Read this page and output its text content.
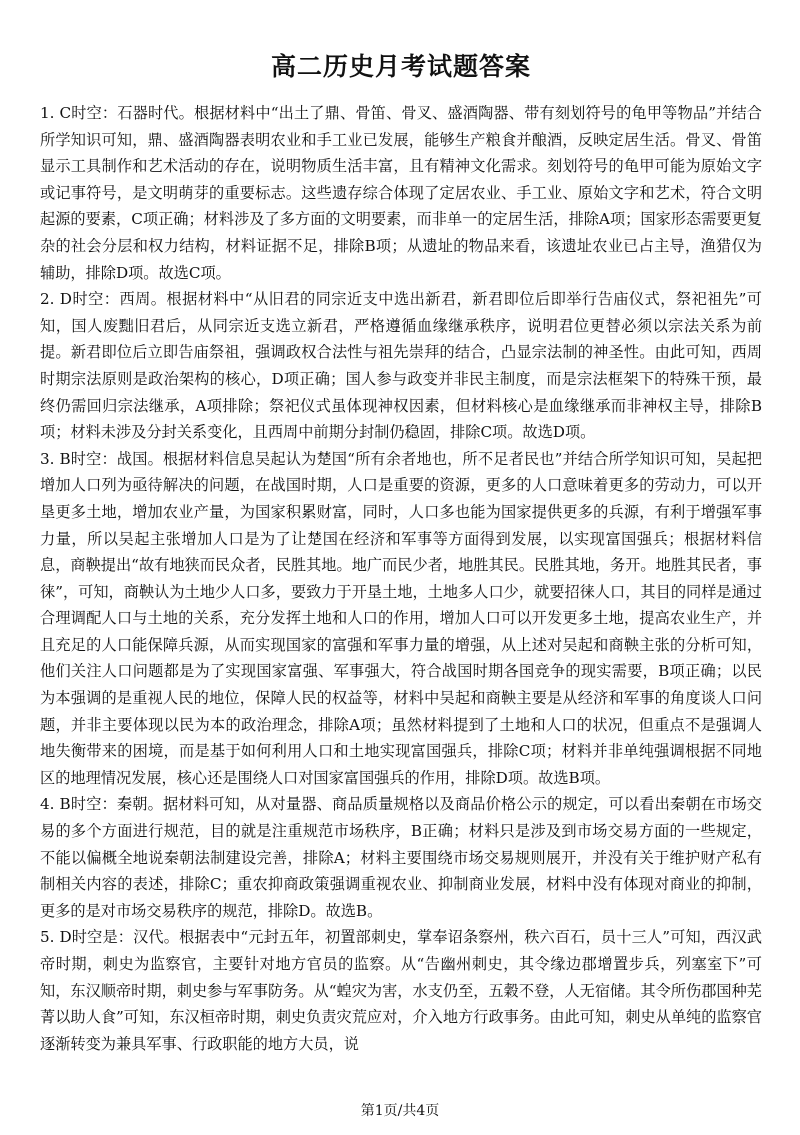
高二历史月考试题答案

1. C时空：石器时代。根据材料中“出土了鼎、骨笛、骨叉、盛酒陶器、带有刻划符号的龟甲等物品”并结合所学知识可知，鼎、盛酒陶器表明农业和手工业已发展，能够生产粮食并酿酒，反映定居生活。骨叉、骨笛显示工具制作和艺术活动的存在，说明物质生活丰富，且有精神文化需求。刻划符号的龟甲可能为原始文字或记事符号，是文明萌芽的重要标志。这些遗存综合体现了定居农业、手工业、原始文字和艺术，符合文明起源的要素，C项正确；材料涉及了多方面的文明要素，而非单一的定居生活，排除A项；国家形态需要更复杂的社会分层和权力结构，材料证据不足，排除B项；从遗址的物品来看，该遗址农业已占主导，渔猎仅为辅助，排除D项。故选C项。

2. D时空：西周。根据材料中“从旧君的同宗近支中选出新君，新君即位后即举行告庙仪式，祭祀祖先”可知，国人废黜旧君后，从同宗近支选立新君，严格遵循血缘继承秩序，说明君位更替必须以宗法关系为前提。新君即位后立即告庙祭祖，强调政权合法性与祖先崇拜的结合，凸显宗法制的神圣性。由此可知，西周时期宗法原则是政治架构的核心，D项正确；国人参与政变并非民主制度，而是宗法框架下的特殊干预，最终仍需回归宗法继承，A项排除；祭祀仪式虽体现神权因素，但材料核心是血缘继承而非神权主导，排除B项；材料未涉及分封关系变化，且西周中前期分封制仍稳固，排除C项。故选D项。

3. B时空：战国。根据材料信息吴起认为楚国“所有余者地也，所不足者民也”并结合所学知识可知，吴起把增加人口列为亟待解决的问题，在战国时期，人口是重要的资源，更多的人口意味着更多的劳动力，可以开垦更多土地，增加农业产量，为国家积累财富，同时，人口多也能为国家提供更多的兵源，有利于增强军事力量，所以吴起主张增加人口是为了让楚国在经济和军事等方面得到发展，以实现富国强兵；根据材料信息，商鞅提出“故有地狭而民众者，民胜其地。地广而民少者，地胜其民。民胜其地，务开。地胜其民者，事徕”，可知，商鞅认为土地少人口多，要致力于开垦土地，土地多人口少，就要招徕人口，其目的同样是通过合理调配人口与土地的关系，充分发挥土地和人口的作用，增加人口可以开发更多土地，提高农业生产，并且充足的人口能保障兵源，从而实现国家的富强和军事力量的增强，从上述对吴起和商鞅主张的分析可知，他们关注人口问题都是为了实现国家富强、军事强大，符合战国时期各国竞争的现实需要，B项正确；以民为本强调的是重视人民的地位，保障人民的权益等，材料中吴起和商鞅主要是从经济和军事的角度谈人口问题，并非主要体现以民为本的政治理念，排除A项；虽然材料提到了土地和人口的状况，但重点不是强调人地失衡带来的困境，而是基于如何利用人口和土地实现富国强兵，排除C项；材料并非单纯强调根据不同地区的地理情况发展，核心还是围绕人口对国家富国强兵的作用，排除D项。故选B项。

4. B时空：秦朝。据材料可知，从对量器、商品质量规格以及商品价格公示的规定，可以看出秦朝在市场交易的多个方面进行规范，目的就是注重规范市场秩序，B正确；材料只是涉及到市场交易方面的一些规定，不能以偏概全地说秦朝法制建设完善，排除A；材料主要围绕市场交易规则展开，并没有关于维护财产私有制相关内容的表述，排除C；重农抑商政策强调重视农业、抑制商业发展，材料中没有体现对商业的抑制，更多的是对市场交易秩序的规范，排除D。故选B。

5. D时空是：汉代。根据表中“元封五年，初置部刺史，掌奉诏条察州，秩六百石，员十三人”可知，西汉武帝时期，刺史为监察官，主要针对地方官员的监察。从“告幽州刺史，其令缘边郡增置步兵，列塞室下”可知，东汉顺帝时期，刺史参与军事防务。从“蝗灾为害，水支仍至，五穀不登，人无宿储。其令所伤郡国种芜菁以助人食”可知，东汉桓帝时期，刺史负责灾荒应对，介入地方行政事务。由此可知，刺史从单纯的监察官逐渐转变为兼具军事、行政职能的地方大员，说

第1页/共4页
